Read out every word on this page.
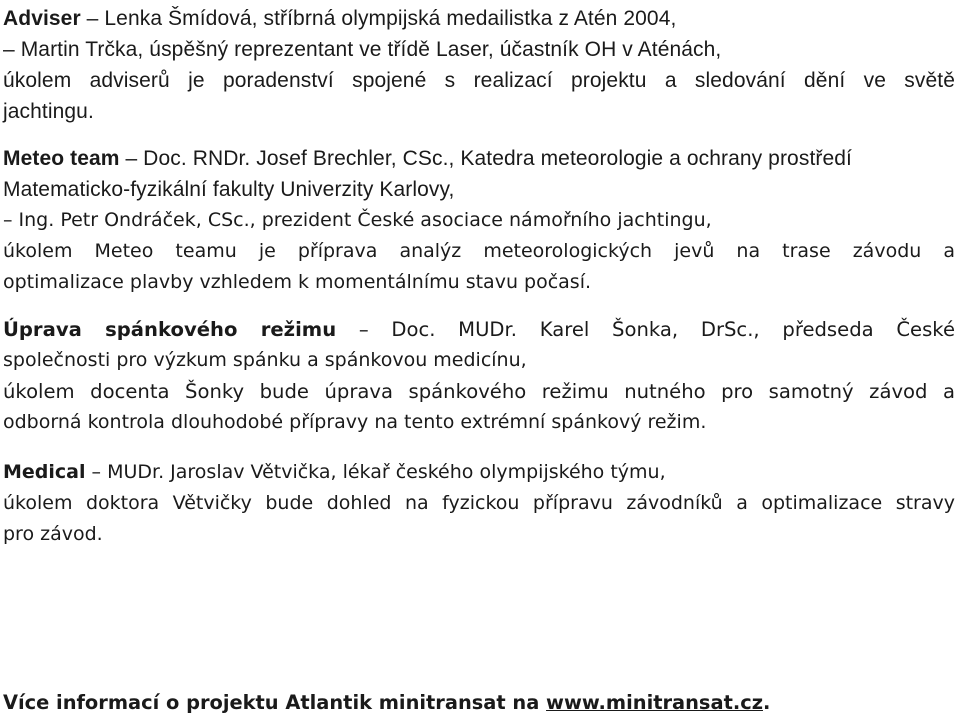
Adviser – Lenka Šmídová, stříbrná olympijská medailistka z Atén 2004,
– Martin Trčka, úspěšný reprezentant ve třídě Laser, účastník OH v Aténách,
úkolem adviserů je poradenství spojené s realizací projektu a sledování dění ve světě
jachtingu.
Meteo team – Doc. RNDr. Josef Brechler, CSc., Katedra meteorologie a ochrany prostředí
Matematicko-fyzikální fakulty Univerzity Karlovy,
– Ing. Petr Ondráček, CSc., prezident České asociace námořního jachtingu,
úkolem Meteo teamu je příprava analýz meteorologických jevů na trase závodu a
optimalizace plavby vzhledem k momentálnímu stavu počasí.
Úprava spánkového režimu – Doc. MUDr. Karel Šonka, DrSc., předseda České
společnosti pro výzkum spánku a spánkovou medicínu,
úkolem docenta Šonky bude úprava spánkového režimu nutného pro samotný závod a
odborná kontrola dlouhodobé přípravy na tento extrémní spánkový režim.
Medical – MUDr. Jaroslav Větvička, lékař českého olympijského týmu,
úkolem doktora Větvičky bude dohled na fyzickou přípravu závodníků a optimalizace stravy
pro závod.
Více informací o projektu Atlantik minitransat na www.minitransat.cz.
